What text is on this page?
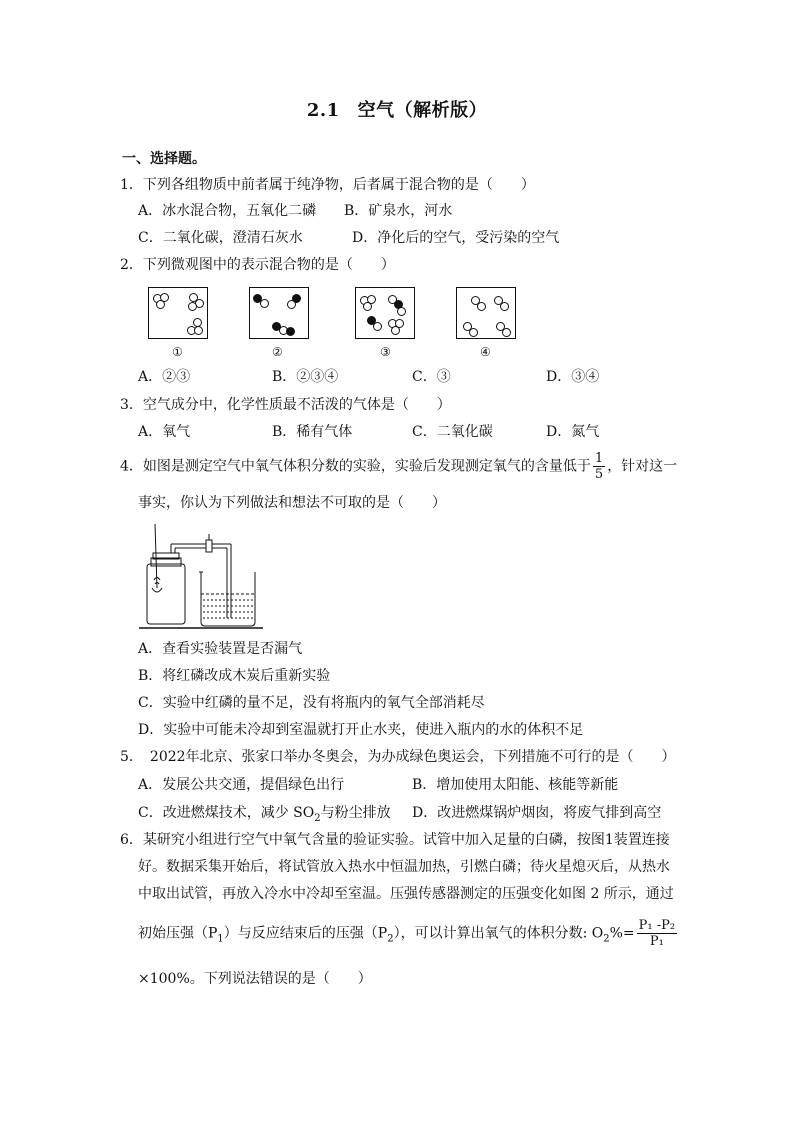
2.1 空气（解析版）
一、选择题。
1．下列各组物质中前者属于纯净物，后者属于混合物的是（　　）
A．冰水混合物，五氧化二磷 B．矿泉水，河水
C．二氧化碳，澄清石灰水	D．净化后的空气，受污染的空气
2．下列微观图中的表示混合物的是（　　）
①	②	③	④
A．②③	B．②③④	C．③	D．③④
3．空气成分中，化学性质最不活泼的气体是（　　）
A．氧气	B．稀有气体	C．二氧化碳	D．氮气
4．如图是测定空气中氧气体积分数的实验，实验后发现测定氧气的含量低于 $\frac{1}{5}$ ，针对这一
事实，你认为下列做法和想法不可取的是（　　）
A．查看实验装置是否漏气
B．将红磷改成木炭后重新实验
C．实验中红磷的量不足，没有将瓶内的氧气全部消耗尽
D．实验中可能未冷却到室温就打开止水夹，使进入瓶内的水的体积不足
5．　2022年北京、张家口举办冬奥会，为办成绿色奥运会，下列措施不可行的是（　　）
A．发展公共交通，提倡绿色出行	B．增加使用太阳能、核能等新能
C．改进燃煤技术，减少 $SO_2$与粉尘排放 D．改进燃煤锅炉烟囱，将废气排到高空
6．某研究小组进行空气中氧气含量的验证实验。试管中加入足量的白磷，按图1装置连接
好。数据采集开始后，将试管放入热水中恒温加热，引燃白磷；待火星熄灭后，从热水
中取出试管，再放入冷水中冷却至室温。压强传感器测定的压强变化如图 2 所示，通过
初始压强$(P_1)$与反应结束后的压强$(P_2)$，可以计算出氧气的体积分数: $O_2\%= \frac{\text{P₁ -P₂}}{\text{P₁}}$
×100%。下列说法错误的是（　　）
